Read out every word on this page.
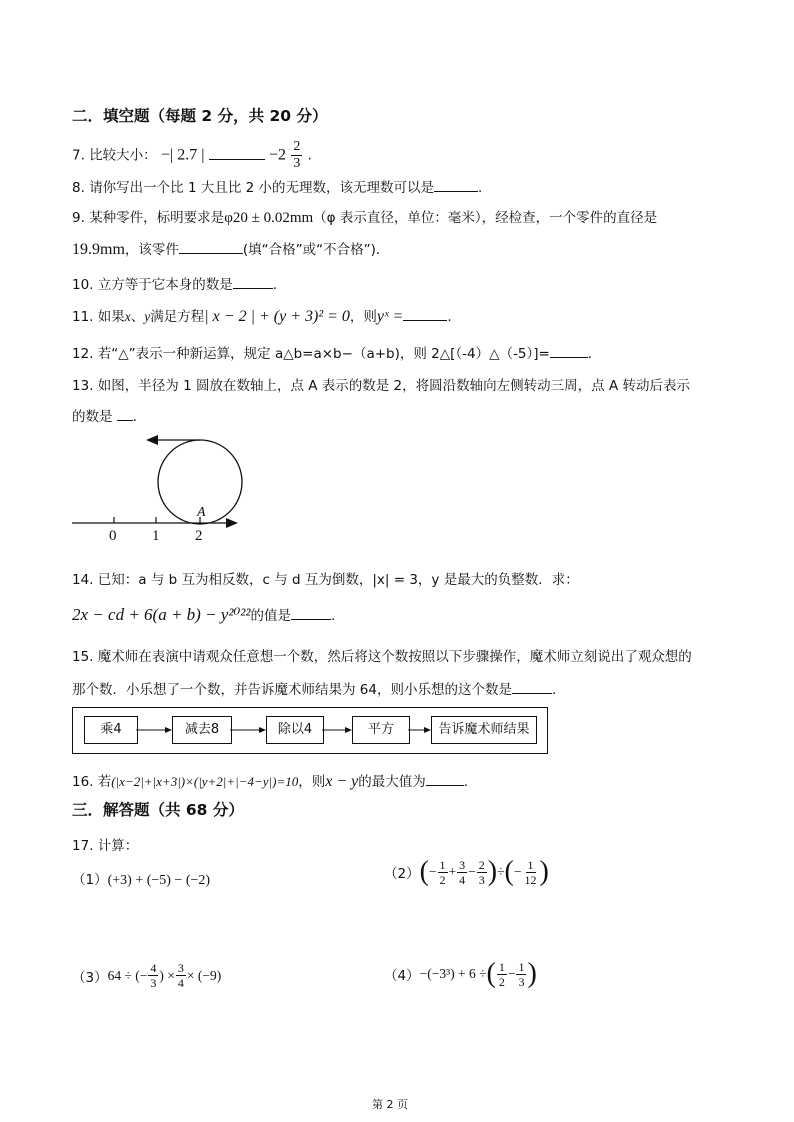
二．填空题（每题 2 分，共 20 分）
7. 比较大小： −| 2.7 |	$-2 \frac{2}{3}$ .
8. 请你写出一个比 1 大且比 2 小的无理数，该无理数可以是	.
9. 某种零件，标明要求是φ20 ± 0.02mm（φ 表示直径，单位：毫米），经检查，一个零件的直径是
19.9mm，该零件	(填“合格”或“不合格”)．
10. 立方等于它本身的数是	.
11. 如果x、y满足方程| x − 2 | + (y + 3)² = 0，则yˣ =	.
12. 若“△”表示一种新运算，规定 a△b=a×b−（a+b)，则 2△[（-4）△（-5）]=	.
13. 如图，半径为 1 圆放在数轴上，点 A 表示的数是 2，将圆沿数轴向左侧转动三周，点 A 转动后表示
的数是 .
0 1 2
A
14. 已知：a 与 b 互为相反数，c 与 d 互为倒数，|x| = 3，y 是最大的负整数．求：
2x − cd + 6(a + b) − y²⁰²²的值是	.
15. 魔术师在表演中请观众任意想一个数，然后将这个数按照以下步骤操作，魔术师立刻说出了观众想的
那个数．小乐想了一个数，并告诉魔术师结果为 64，则小乐想的这个数是	.
乘4	减去8	除以4	平方	告诉魔术师结果
16. 若(|x−2|+|x+3|)×(|y+2|+|−4−y|)=10，则x − y的最大值为	.
三．解答题（共 68 分）
17. 计算：
（1）(+3) + (−5) − (−2)	（2） ( − $\frac{1}{2} + \frac{3}{4} - \frac{2}{3}$ ) ÷ ( − $\frac{1}{12}$ )
（3） 64 ÷ (− $\frac{4}{3}$ ) × $\frac{3}{4} \times (-9)$	（4） −(−3³) + 6 ÷ ( $\frac{1}{2} - \frac{1}{3}$ )
第 2 页
